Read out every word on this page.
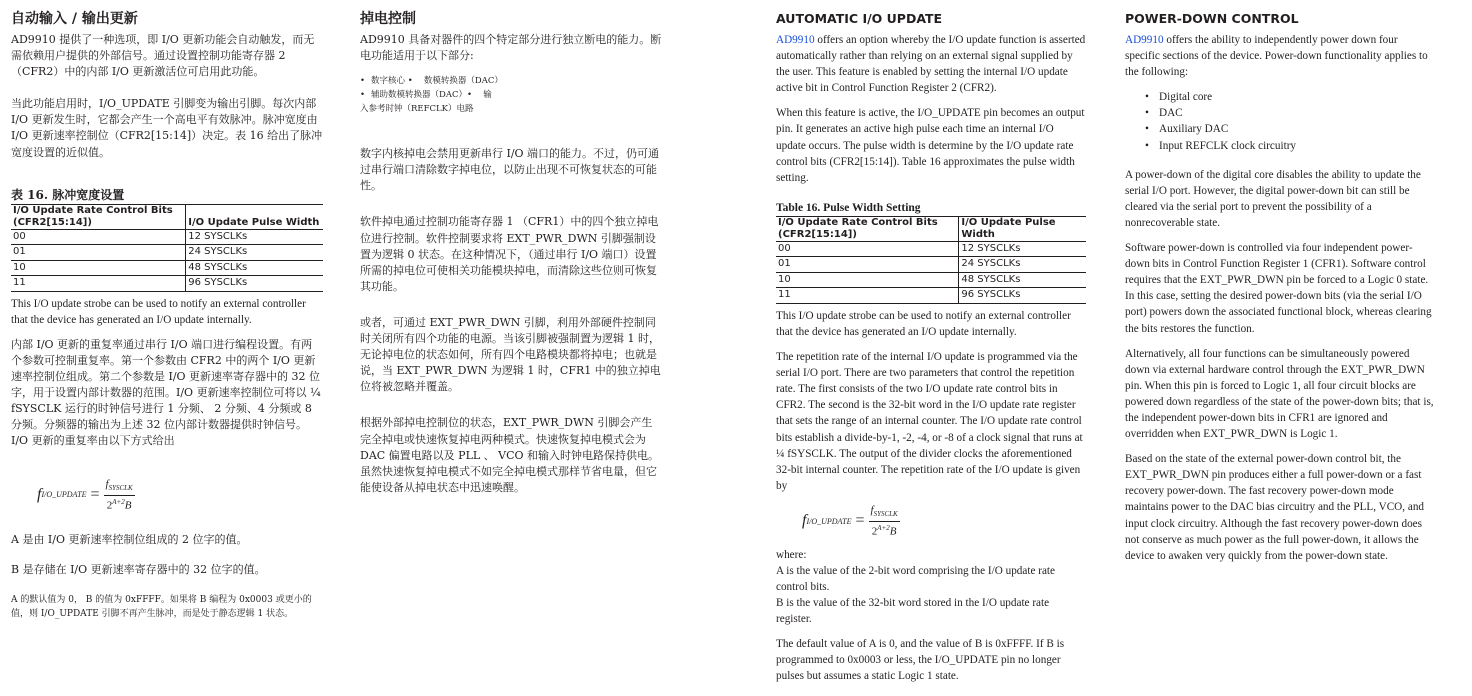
自动输入 / 输出更新

AD9910 提供了一种选项，即 I/O 更新功能会自动触发，而无需依赖用户提供的外部信号。通过设置控制功能寄存器 2 （CFR2）中的内部 I/O 更新激活位可启用此功能。

当此功能启用时，I/O_UPDATE 引脚变为输出引脚。每次内部 I/O 更新发生时，它都会产生一个高电平有效脉冲。脉冲宽度由 I/O 更新速率控制位（CFR2[15:14]）决定。表 16 给出了脉冲宽度设置的近似值。

表 16. 脉冲宽度设置
I/O Update Rate Control Bits (CFR2[15:14])	I/O Update Pulse Width
00	12 SYSCLKs
01	24 SYSCLKs
10	48 SYSCLKs
11	96 SYSCLKs

This I/O update strobe can be used to notify an external controller that the device has generated an I/O update internally.

内部 I/O 更新的重复率通过串行 I/O 端口进行编程设置。有两个参数可控制重复率。第一个参数由 CFR2 中的两个 I/O 更新速率控制位组成。第二个参数是 I/O 更新速率寄存器中的 32 位字，用于设置内部计数器的范围。I/O 更新速率控制位可将以 ¼ fSYSCLK 运行的时钟信号进行 1 分频、 2 分频、4 分频或 8 分频。分频器的输出为上述 32 位内部计数器提供时钟信号。I/O 更新的重复率由以下方式给出

f I/O_UPDATE = $\frac{f_{SYSCLK}}{2^{A+2}B}$

A 是由 I/O 更新速率控制位组成的 2 位字的值。

B 是存储在 I/O 更新速率寄存器中的 32 位字的值。

A 的默认值为 0， B 的值为 0xFFFF。如果将 B 编程为 0x0003 或更小的值，则 I/O_UPDATE 引脚不再产生脉冲，而是处于静态逻辑 1 状态。

掉电控制

AD9910 具备对器件的四个特定部分进行独立断电的能力。断电功能适用于以下部分:

• 数字核心 •　 数模转换器（DAC）
• 辅助数模转换器（DAC）•　 输
入参考时钟（REFCLK）电路

数字内核掉电会禁用更新串行 I/O 端口的能力。不过，仍可通过串行端口清除数字掉电位，以防止出现不可恢复状态的可能性。

软件掉电通过控制功能寄存器 1 （CFR1）中的四个独立掉电位进行控制。软件控制要求将 EXT_PWR_DWN 引脚强制设置为逻辑 0 状态。在这种情况下，（通过串行 I/O 端口）设置所需的掉电位可使相关功能模块掉电，而清除这些位则可恢复其功能。

或者，可通过 EXT_PWR_DWN 引脚，利用外部硬件控制同时关闭所有四个功能的电源。当该引脚被强制置为逻辑 1 时，无论掉电位的状态如何，所有四个电路模块都将掉电；也就是说，当 EXT_PWR_DWN 为逻辑 1 时，CFR1 中的独立掉电位将被忽略并覆盖。

根据外部掉电控制位的状态，EXT_PWR_DWN 引脚会产生完全掉电或快速恢复掉电两种模式。快速恢复掉电模式会为 DAC 偏置电路以及 PLL 、 VCO 和输入时钟电路保持供电。虽然快速恢复掉电模式不如完全掉电模式那样节省电量，但它能使设备从掉电状态中迅速唤醒。

AUTOMATIC I/O UPDATE

AD9910 offers an option whereby the I/O update function is asserted automatically rather than relying on an external signal supplied by the user. This feature is enabled by setting the internal I/O update active bit in Control Function Register 2 (CFR2).

When this feature is active, the I/O_UPDATE pin becomes an output pin. It generates an active high pulse each time an internal I/O update occurs. The pulse width is determine by the I/O update rate control bits (CFR2[15:14]). Table 16 approximates the pulse width setting.

Table 16. Pulse Width Setting
I/O Update Rate Control Bits (CFR2[15:14])	I/O Update Pulse Width
00	12 SYSCLKs
01	24 SYSCLKs
10	48 SYSCLKs
11	96 SYSCLKs

This I/O update strobe can be used to notify an external controller that the device has generated an I/O update internally.

The repetition rate of the internal I/O update is programmed via the serial I/O port. There are two parameters that control the repetition rate. The first consists of the two I/O update rate control bits in CFR2. The second is the 32-bit word in the I/O update rate register that sets the range of an internal counter. The I/O update rate control bits establish a divide-by-1, -2, -4, or -8 of a clock signal that runs at ¼ fSYSCLK. The output of the divider clocks the aforementioned 32-bit internal counter. The repetition rate of the I/O update is given by

f I/O_UPDATE = $\frac{f_{SYSCLK}}{2^{A+2}B}$

where:

A is the value of the 2-bit word comprising the I/O update rate control bits.

B is the value of the 32-bit word stored in the I/O update rate register.

The default value of A is 0, and the value of B is 0xFFFF. If B is programmed to 0x0003 or less, the I/O_UPDATE pin no longer pulses but assumes a static Logic 1 state.

POWER-DOWN CONTROL

AD9910 offers the ability to independently power down four specific sections of the device. Power-down functionality applies to the following:

• Digital core
• DAC
• Auxiliary DAC
• Input REFCLK clock circuitry

A power-down of the digital core disables the ability to update the serial I/O port. However, the digital power-down bit can still be cleared via the serial port to prevent the possibility of a nonrecoverable state.

Software power-down is controlled via four independent power-down bits in Control Function Register 1 (CFR1). Software control requires that the EXT_PWR_DWN pin be forced to a Logic 0 state. In this case, setting the desired power-down bits (via the serial I/O port) powers down the associated functional block, whereas clearing the bits restores the function.

Alternatively, all four functions can be simultaneously powered down via external hardware control through the EXT_PWR_DWN pin. When this pin is forced to Logic 1, all four circuit blocks are powered down regardless of the state of the power-down bits; that is, the independent power-down bits in CFR1 are ignored and overridden when EXT_PWR_DWN is Logic 1.

Based on the state of the external power-down control bit, the EXT_PWR_DWN pin produces either a full power-down or a fast recovery power-down. The fast recovery power-down mode maintains power to the DAC bias circuitry and the PLL, VCO, and input clock circuitry. Although the fast recovery power-down does not conserve as much power as the full power-down, it allows the device to awaken very quickly from the power-down state.
